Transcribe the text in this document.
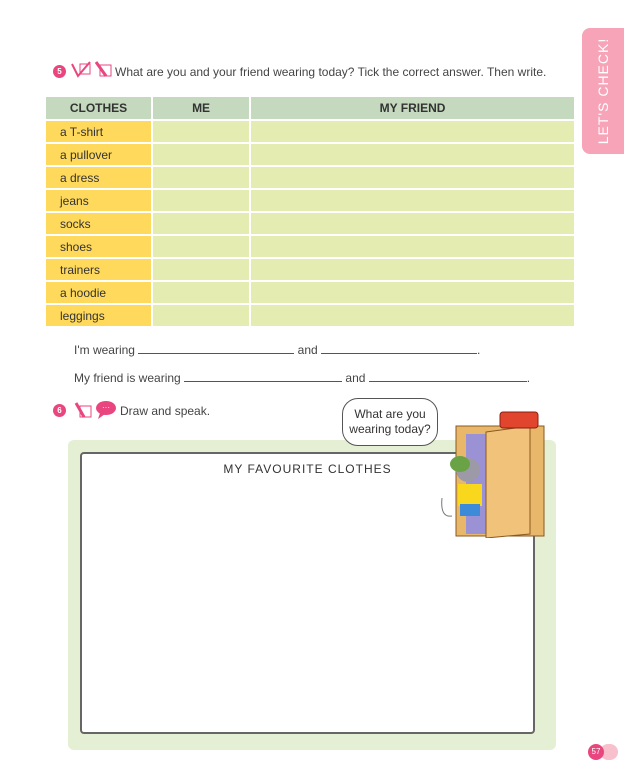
LET'S CHECK!
5	What are you and your friend wearing today? Tick the correct answer. Then write.
CLOTHES	ME	MY FRIEND
a T-shirt		
a pullover		
a dress		
jeans		
socks		
shoes		
trainers		
a hoodie		
leggings		
I'm wearing	and	.
My friend is wearing	and	.
6	··· Draw and speak.
MY FAVOURITE CLOTHES
What are you wearing today?
57
